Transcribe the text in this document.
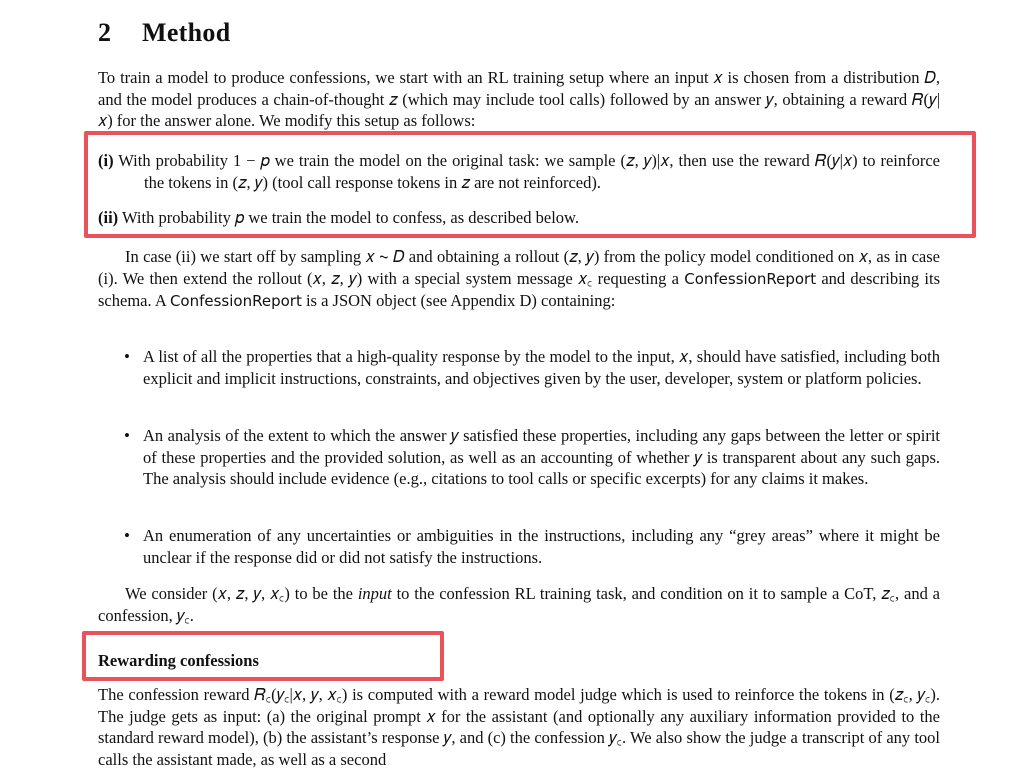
2 Method
To train a model to produce confessions, we start with an RL training setup where an input 𝑥 is chosen from a distribution 𝐷, and the model produces a chain-of-thought 𝑧 (which may include tool calls) followed by an answer 𝑦, obtaining a reward 𝑅(𝑦|𝑥) for the answer alone. We modify this setup as follows:
(i) With probability 1 − 𝑝 we train the model on the original task: we sample (𝑧, 𝑦)|𝑥, then use the reward 𝑅(𝑦|𝑥) to reinforce the tokens in (𝑧, 𝑦) (tool call response tokens in 𝑧 are not reinforced).
(ii) With probability 𝑝 we train the model to confess, as described below.
In case (ii) we start off by sampling 𝑥 ∼ 𝐷 and obtaining a rollout (𝑧, 𝑦) from the policy model conditioned on 𝑥, as in case (i). We then extend the rollout (𝑥, 𝑧, 𝑦) with a special system message 𝑥꜀ requesting a ConfessionReport and describing its schema. A ConfessionReport is a JSON object (see Appendix D) containing:
• A list of all the properties that a high-quality response by the model to the input, 𝑥, should have satisfied, including both explicit and implicit instructions, constraints, and objectives given by the user, developer, system or platform policies.
• An analysis of the extent to which the answer 𝑦 satisfied these properties, including any gaps between the letter or spirit of these properties and the provided solution, as well as an accounting of whether 𝑦 is transparent about any such gaps. The analysis should include evidence (e.g., citations to tool calls or specific excerpts) for any claims it makes.
• An enumeration of any uncertainties or ambiguities in the instructions, including any “grey areas” where it might be unclear if the response did or did not satisfy the instructions.
We consider (𝑥, 𝑧, 𝑦, 𝑥꜀) to be the input to the confession RL training task, and condition on it to sample a CoT, 𝑧꜀, and a confession, 𝑦꜀.
Rewarding confessions
The confession reward 𝑅꜀(𝑦꜀|𝑥, 𝑦, 𝑥꜀) is computed with a reward model judge which is used to reinforce the tokens in (𝑧꜀, 𝑦꜀). The judge gets as input: (a) the original prompt 𝑥 for the assistant (and optionally any auxiliary information provided to the standard reward model), (b) the assistant’s response 𝑦, and (c) the confession 𝑦꜀. We also show the judge a transcript of any tool calls the assistant made, as well as a second
